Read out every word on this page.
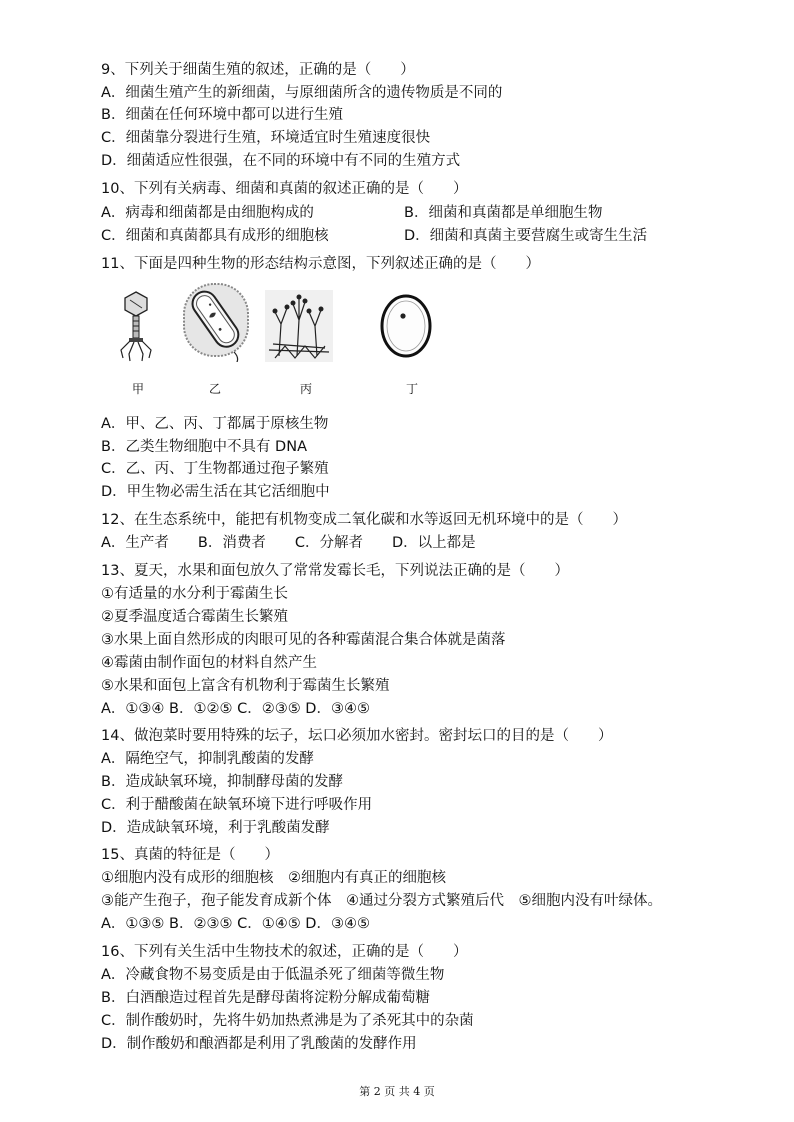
9、下列关于细菌生殖的叙述，正确的是（　　）
A．细菌生殖产生的新细菌，与原细菌所含的遗传物质是不同的
B．细菌在任何环境中都可以进行生殖
C．细菌靠分裂进行生殖，环境适宜时生殖速度很快
D．细菌适应性很强，在不同的环境中有不同的生殖方式
10、下列有关病毒、细菌和真菌的叙述正确的是（　　）
A．病毒和细菌都是由细胞构成的	B．细菌和真菌都是单细胞生物
C．细菌和真菌都具有成形的细胞核	D．细菌和真菌主要营腐生或寄生生活
11、下面是四种生物的形态结构示意图，下列叙述正确的是（　　）
甲	乙	丙	丁
A．甲、乙、丙、丁都属于原核生物
B．乙类生物细胞中不具有 DNA
C．乙、丙、丁生物都通过孢子繁殖
D．甲生物必需生活在其它活细胞中
12、在生态系统中，能把有机物变成二氧化碳和水等返回无机环境中的是（　　）
A．生产者　　B．消费者　　C．分解者　　D．以上都是
13、夏天，水果和面包放久了常常发霉长毛，下列说法正确的是（　　）
①有适量的水分利于霉菌生长
②夏季温度适合霉菌生长繁殖
③水果上面自然形成的肉眼可见的各种霉菌混合集合体就是菌落
④霉菌由制作面包的材料自然产生
⑤水果和面包上富含有机物利于霉菌生长繁殖
A．①③④ B．①②⑤ C．②③⑤ D．③④⑤
14、做泡菜时要用特殊的坛子，坛口必须加水密封。密封坛口的目的是（　　）
A．隔绝空气，抑制乳酸菌的发酵
B．造成缺氧环境，抑制酵母菌的发酵
C．利于醋酸菌在缺氧环境下进行呼吸作用
D．造成缺氧环境，利于乳酸菌发酵
15、真菌的特征是（　　）
①细胞内没有成形的细胞核　②细胞内有真正的细胞核
③能产生孢子，孢子能发育成新个体　④通过分裂方式繁殖后代　⑤细胞内没有叶绿体。
A．①③⑤ B．②③⑤ C．①④⑤ D．③④⑤
16、下列有关生活中生物技术的叙述，正确的是（　　）
A．冷藏食物不易变质是由于低温杀死了细菌等微生物
B．白酒酿造过程首先是酵母菌将淀粉分解成葡萄糖
C．制作酸奶时，先将牛奶加热煮沸是为了杀死其中的杂菌
D．制作酸奶和酿酒都是利用了乳酸菌的发酵作用
第 2 页 共 4 页
